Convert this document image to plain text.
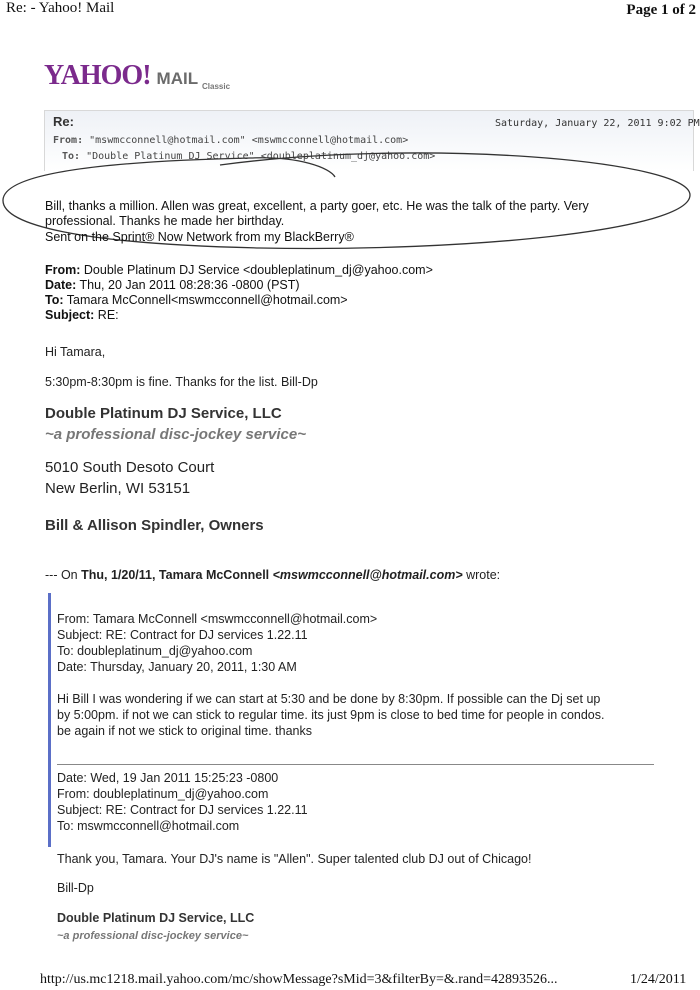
Re: - Yahoo! Mail	Page 1 of 2
YAHOO! MAIL Classic
Re:	Saturday, January 22, 2011 9:02 PM
From: "mswmcconnell@hotmail.com" <mswmcconnell@hotmail.com>
To: "Double Platinum DJ Service" <doubleplatinum_dj@yahoo.com>
Bill, thanks a million. Allen was great, excellent, a party goer, etc. He was the talk of the party. Very professional. Thanks he made her birthday.
Sent on the Sprint® Now Network from my BlackBerry®
From: Double Platinum DJ Service <doubleplatinum_dj@yahoo.com>
Date: Thu, 20 Jan 2011 08:28:36 -0800 (PST)
To: Tamara McConnell<mswmcconnell@hotmail.com>
Subject: RE:
Hi Tamara,
5:30pm-8:30pm is fine. Thanks for the list. Bill-Dp
Double Platinum DJ Service, LLC
~a professional disc-jockey service~
5010 South Desoto Court
New Berlin, WI 53151
Bill & Allison Spindler, Owners
--- On Thu, 1/20/11, Tamara McConnell <mswmcconnell@hotmail.com> wrote:
From: Tamara McConnell <mswmcconnell@hotmail.com>
Subject: RE: Contract for DJ services 1.22.11
To: doubleplatinum_dj@yahoo.com
Date: Thursday, January 20, 2011, 1:30 AM
Hi Bill I was wondering if we can start at 5:30 and be done by 8:30pm. If possible can the Dj set up
by 5:00pm. if not we can stick to regular time. its just 9pm is close to bed time for people in condos.
be again if not we stick to original time. thanks
Date: Wed, 19 Jan 2011 15:25:23 -0800
From: doubleplatinum_dj@yahoo.com
Subject: RE: Contract for DJ services 1.22.11
To: mswmcconnell@hotmail.com
Thank you, Tamara. Your DJ's name is "Allen". Super talented club DJ out of Chicago!
Bill-Dp
Double Platinum DJ Service, LLC
~a professional disc-jockey service~
http://us.mc1218.mail.yahoo.com/mc/showMessage?sMid=3&filterBy=&.rand=42893526...	1/24/2011
